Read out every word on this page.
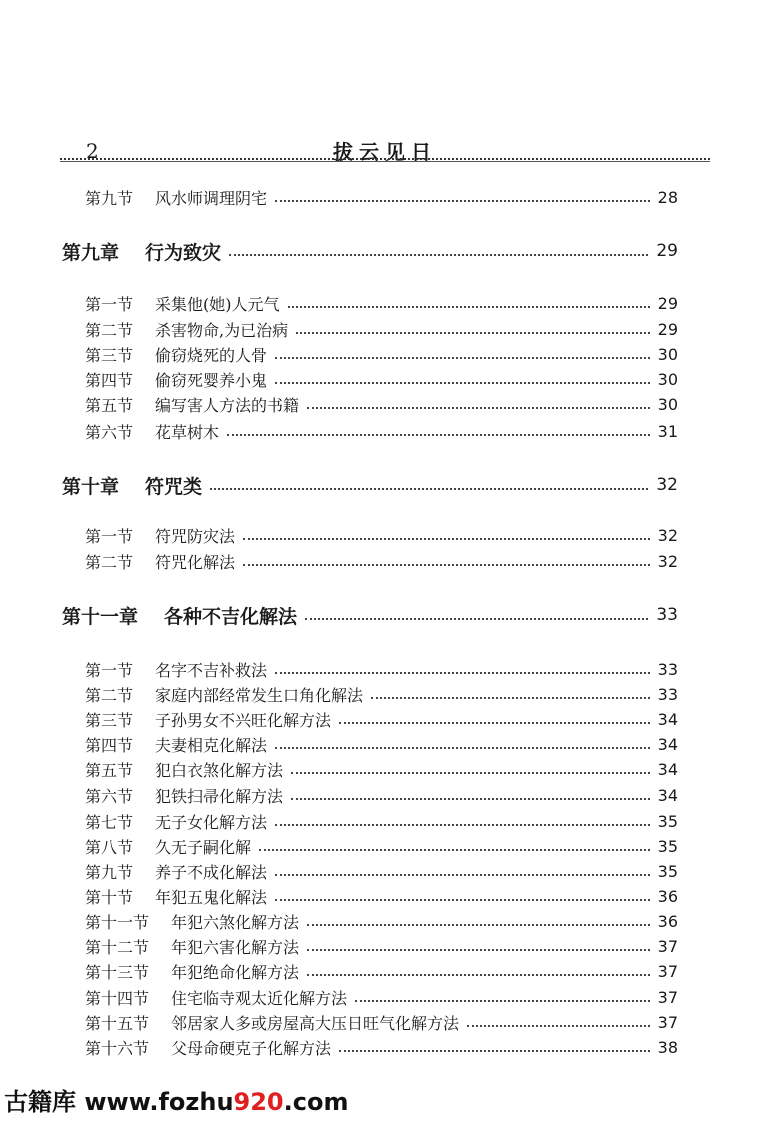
2	拔云见日
第九节 风水师调理阴宅	28
第九章 行为致灾	29
第一节 采集他(她)人元气	29
第二节 杀害物命,为已治病	29
第三节 偷窃烧死的人骨	30
第四节 偷窃死婴养小鬼	30
第五节 编写害人方法的书籍	30
第六节 花草树木	31
第十章 符咒类	32
第一节 符咒防灾法	32
第二节 符咒化解法	32
第十一章 各种不吉化解法	33
第一节 名字不吉补救法	33
第二节 家庭内部经常发生口角化解法	33
第三节 子孙男女不兴旺化解方法	34
第四节 夫妻相克化解法	34
第五节 犯白衣煞化解方法	34
第六节 犯铁扫帚化解方法	34
第七节 无子女化解方法	35
第八节 久无子嗣化解	35
第九节 养子不成化解法	35
第十节 年犯五鬼化解法	36
第十一节 年犯六煞化解方法	36
第十二节 年犯六害化解方法	37
第十三节 年犯绝命化解方法	37
第十四节 住宅临寺观太近化解方法	37
第十五节 邻居家人多或房屋高大压日旺气化解方法	37
第十六节 父母命硬克子化解方法	38
古籍库 www.fozhu920.com
